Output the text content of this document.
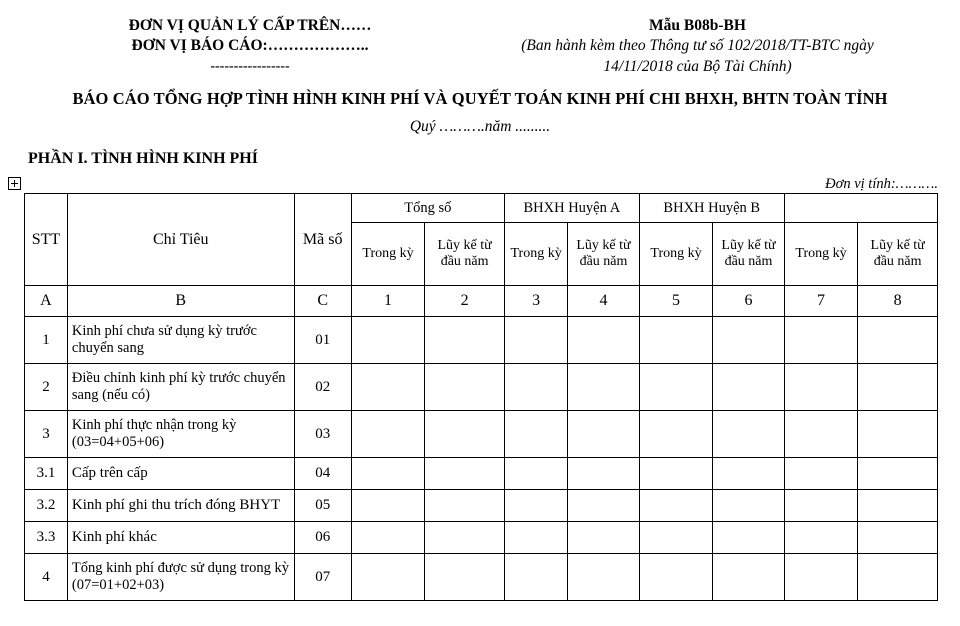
ĐƠN VỊ QUẢN LÝ CẤP TRÊN……
ĐƠN VỊ BÁO CÁO:………………..
-----------------
Mẫu B08b-BH
(Ban hành kèm theo Thông tư số 102/2018/TT-BTC ngày
14/11/2018 của Bộ Tài Chính)
BÁO CÁO TỔNG HỢP TÌNH HÌNH KINH PHÍ VÀ QUYẾT TOÁN KINH PHÍ CHI BHXH, BHTN TOÀN TỈNH
Quý ……….năm .........
PHẦN I. TÌNH HÌNH KINH PHÍ
Đơn vị tính:……….
STT	Chỉ Tiêu	Mã số	Tổng số		BHXH Huyện A		BHXH Huyện B			
			Trong kỳ	Lũy kế từ đầu năm	Trong kỳ	Lũy kế từ đầu năm	Trong kỳ	Lũy kế từ đầu năm	Trong kỳ	Lũy kế từ đầu năm
A	B	C	1	2	3	4	5	6	7	8
1	Kinh phí chưa sử dụng kỳ trước chuyển sang	01								
2	Điều chỉnh kinh phí kỳ trước chuyển sang (nếu có)	02								
3	Kinh phí thực nhận trong kỳ (03=04+05+06)	03								
3.1	Cấp trên cấp	04								
3.2	Kinh phí ghi thu trích đóng BHYT	05								
3.3	Kinh phí khác	06								
4	Tổng kinh phí được sử dụng trong kỳ (07=01+02+03)	07								
